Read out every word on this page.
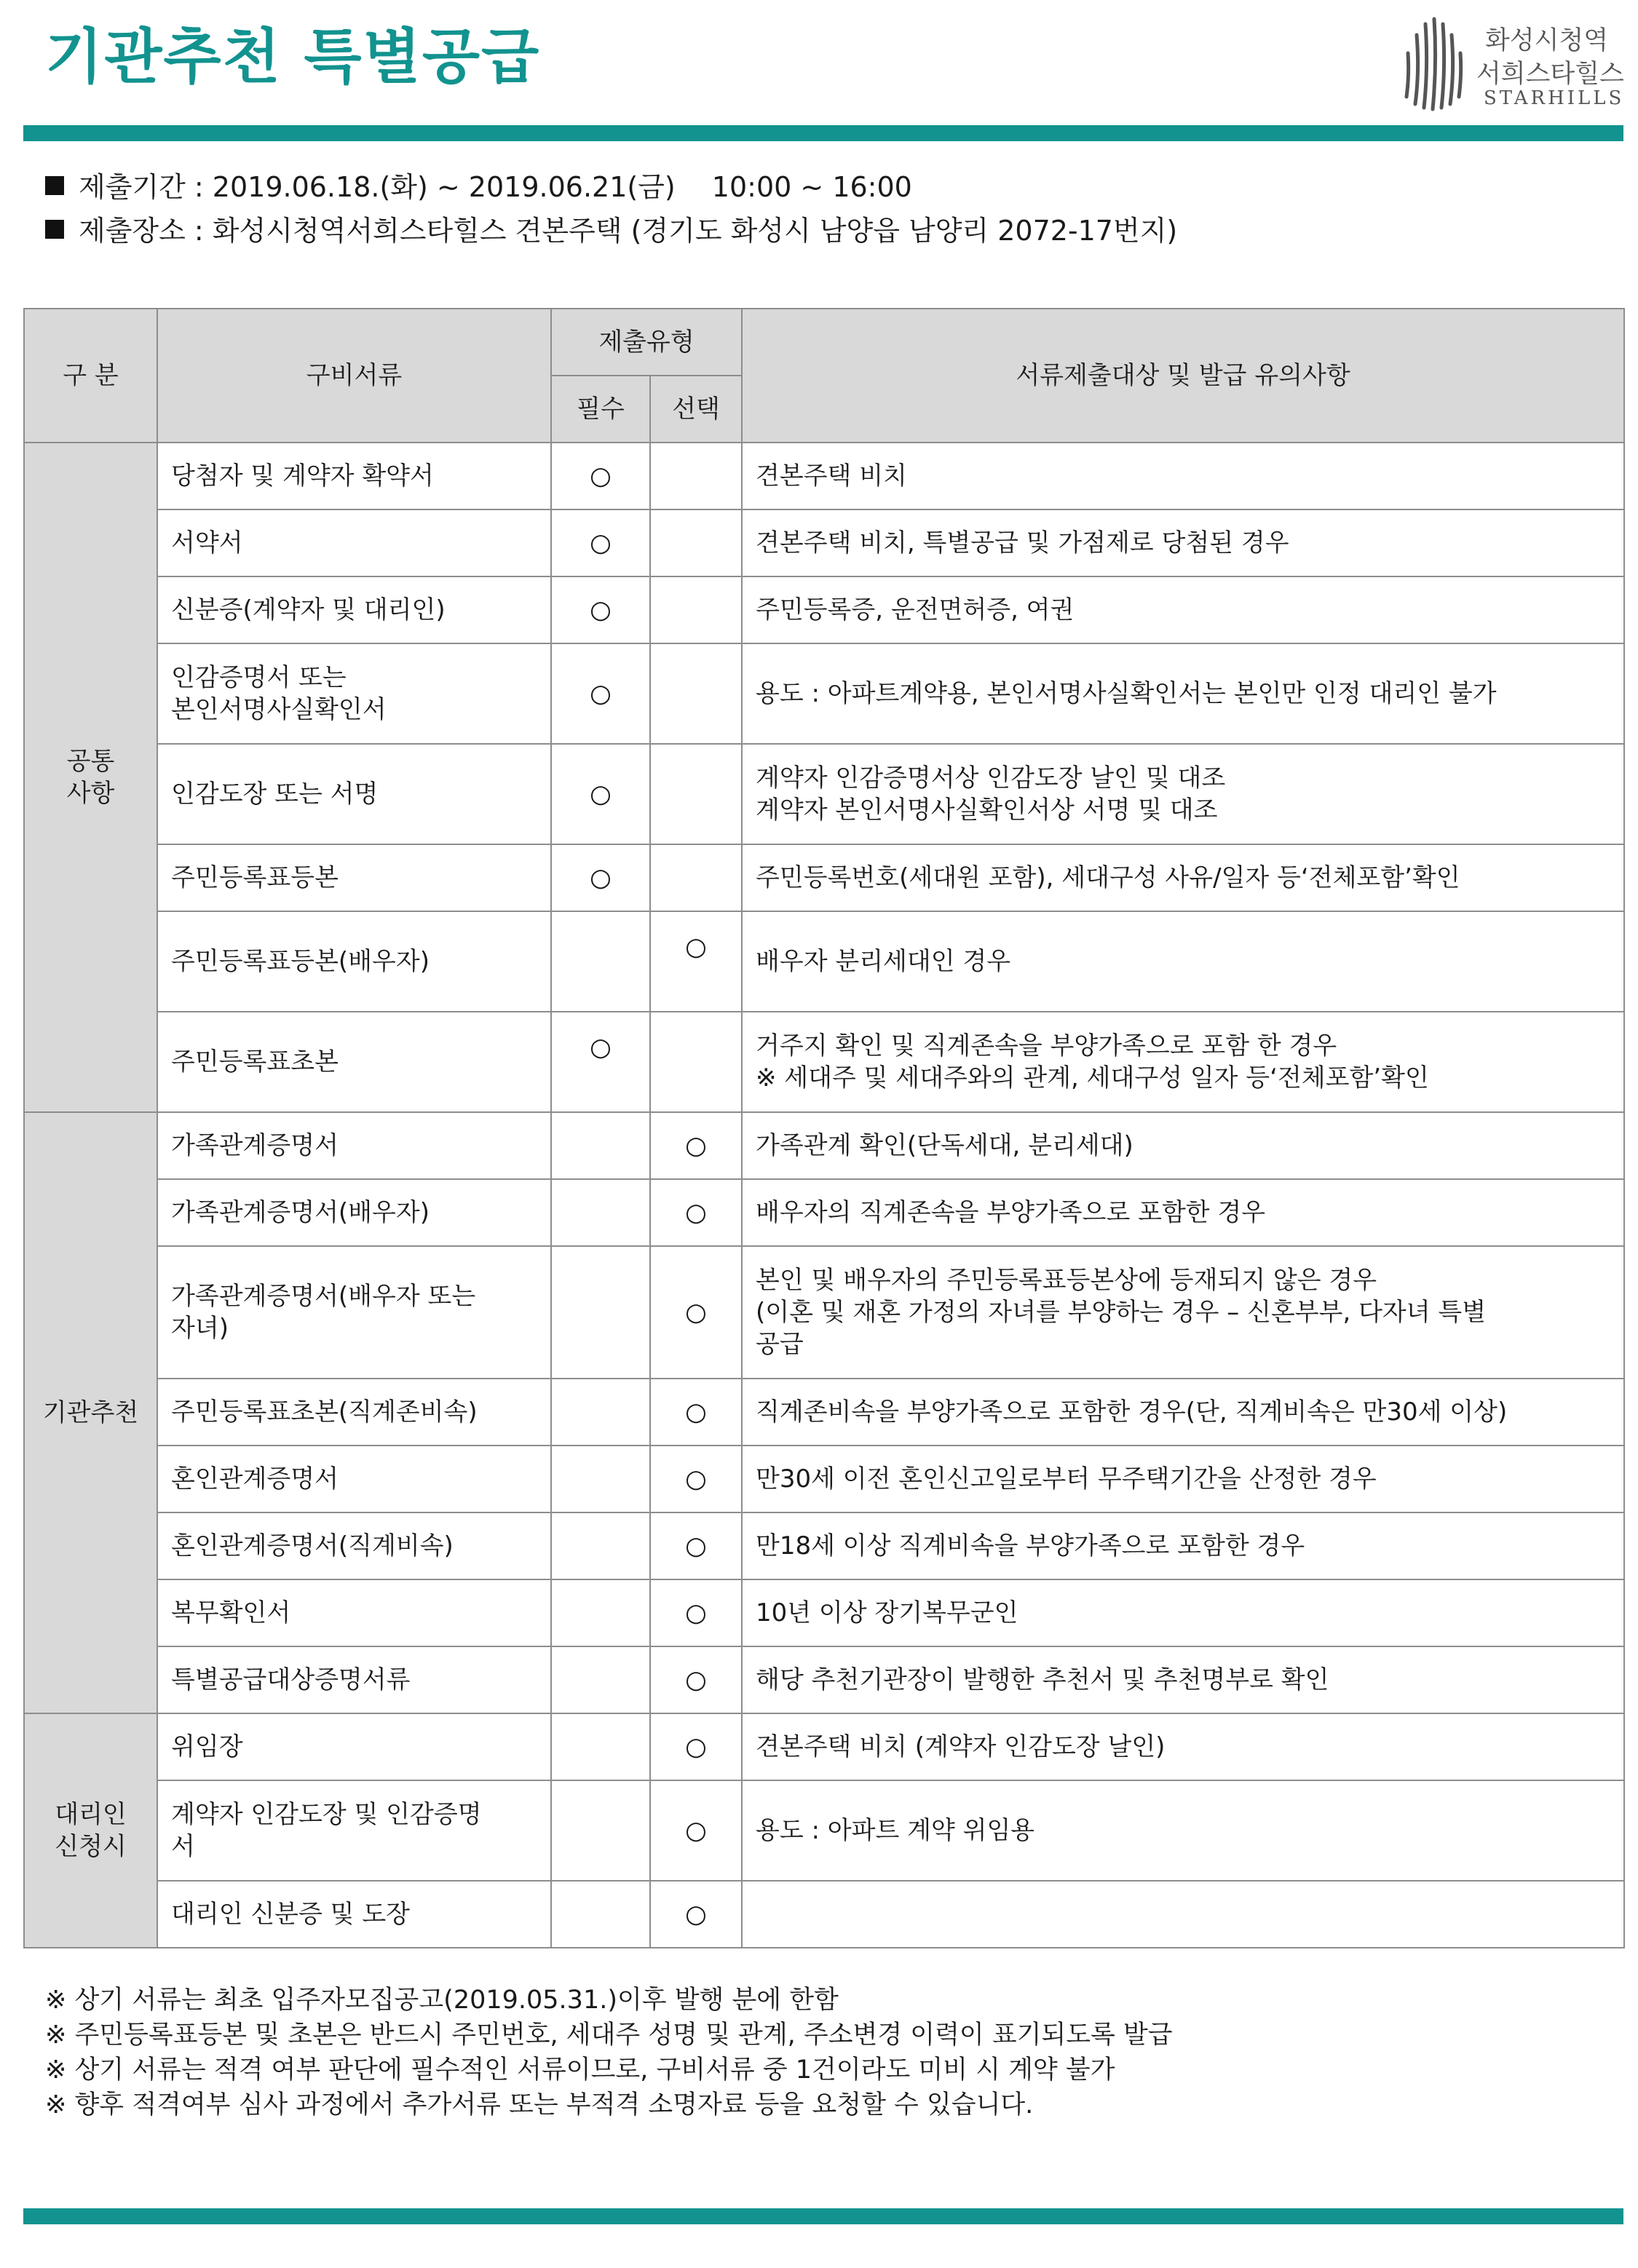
기관추천 특별공급	화성시청역
서희스타힐스
STARHILLS
제출기간 : 2019.06.18.(화) ~ 2019.06.21(금)　 10:00 ~ 16:00
제출장소 : 화성시청역서희스타힐스 견본주택 (경기도 화성시 남양읍 남양리 2072-17번지)
구 분	구비서류	제출유형		서류제출대상 및 발급 유의사항
		필수	선택	
공통
사항	당첨자 및 계약자 확약서	○		견본주택 비치
	서약서	○		견본주택 비치, 특별공급 및 가점제로 당첨된 경우
	신분증(계약자 및 대리인)	○		주민등록증, 운전면허증, 여권
	인감증명서 또는
본인서명사실확인서	○		용도 : 아파트계약용, 본인서명사실확인서는 본인만 인정 대리인 불가
	인감도장 또는 서명	○		계약자 인감증명서상 인감도장 날인 및 대조
계약자 본인서명사실확인서상 서명 및 대조
	주민등록표등본	○		주민등록번호(세대원 포함), 세대구성 사유/일자 등‘전체포함’확인
	주민등록표등본(배우자)		○	배우자 분리세대인 경우
	주민등록표초본	○		거주지 확인 및 직계존속을 부양가족으로 포함 한 경우
※ 세대주 및 세대주와의 관계, 세대구성 일자 등‘전체포함’확인
기관추천	가족관계증명서		○	가족관계 확인(단독세대, 분리세대)
	가족관계증명서(배우자)		○	배우자의 직계존속을 부양가족으로 포함한 경우
	가족관계증명서(배우자 또는
자녀)		○	본인 및 배우자의 주민등록표등본상에 등재되지 않은 경우
(이혼 및 재혼 가정의 자녀를 부양하는 경우 – 신혼부부, 다자녀 특별
공급
	주민등록표초본(직계존비속)		○	직계존비속을 부양가족으로 포함한 경우(단, 직계비속은 만30세 이상)
	혼인관계증명서		○	만30세 이전 혼인신고일로부터 무주택기간을 산정한 경우
	혼인관계증명서(직계비속)		○	만18세 이상 직계비속을 부양가족으로 포함한 경우
	복무확인서		○	10년 이상 장기복무군인
	특별공급대상증명서류		○	해당 추천기관장이 발행한 추천서 및 추천명부로 확인
대리인
신청시	위임장		○	견본주택 비치 (계약자 인감도장 날인)
	계약자 인감도장 및 인감증명
서		○	용도 : 아파트 계약 위임용
	대리인 신분증 및 도장		○	
※ 상기 서류는 최초 입주자모집공고(2019.05.31.)이후 발행 분에 한함
※ 주민등록표등본 및 초본은 반드시 주민번호, 세대주 성명 및 관계, 주소변경 이력이 표기되도록 발급
※ 상기 서류는 적격 여부 판단에 필수적인 서류이므로, 구비서류 중 1건이라도 미비 시 계약 불가
※ 향후 적격여부 심사 과정에서 추가서류 또는 부적격 소명자료 등을 요청할 수 있습니다.
